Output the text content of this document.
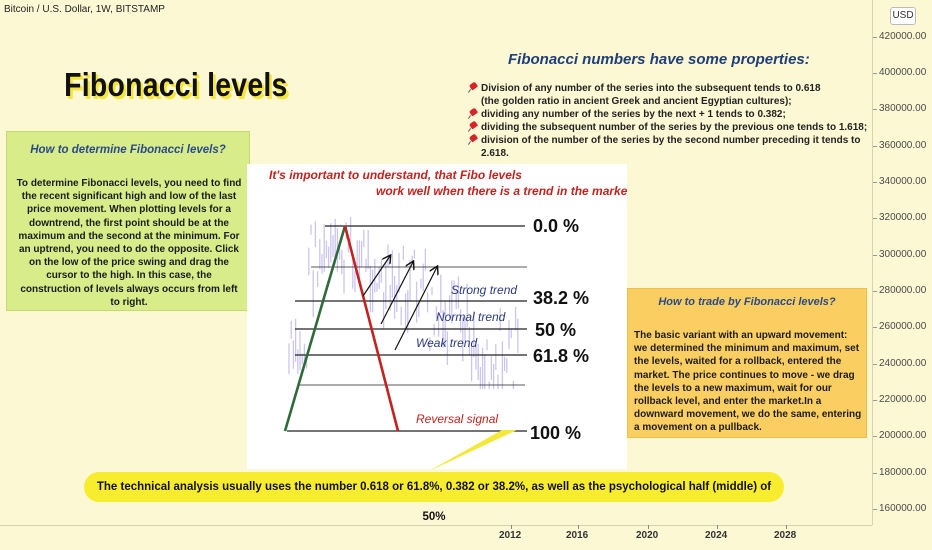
Bitcoin / U.S. Dollar, 1W, BITSTAMP
420000.00
400000.00
380000.00
360000.00
340000.00
320000.00
300000.00
280000.00
260000.00
240000.00
220000.00
200000.00
180000.00
160000.00
USD
2012	2016	2020	2024	2028
Fibonacci levels
How to determine Fibonacci levels?
To determine Fibonacci levels, you need to find the recent significant high and low of the last price movement. When plotting levels for a downtrend, the first point should be at the maximum and the second at the minimum. For an uptrend, you need to do the opposite. Click on the low of the price swing and drag the cursor to the high. In this case, the construction of levels always occurs from left to right.
Fibonacci numbers have some properties:
Division of any number of the series into the subsequent tends to 0.618
(the golden ratio in ancient Greek and ancient Egyptian cultures);
dividing any number of the series by the next + 1 tends to 0.382;
dividing the subsequent number of the series by the previous one tends to 1.618;
division of the number of the series by the second number preceding it tends to 2.618.
It's important to understand, that Fibo levels
work well when there is a trend in the market.
0.0 %
38.2 %
50 %
61.8 %
100 %
Strong trend
Normal trend
Weak trend
Reversal signal
How to trade by Fibonacci levels?
The basic variant with an upward movement: we determined the minimum and maximum, set the levels, waited for a rollback, entered the market. The price continues to move - we drag the levels to a new maximum, wait for our rollback level, and enter the market.In a downward movement, we do the same, entering a movement on a pullback.
The technical analysis usually uses the number 0.618 or 61.8%, 0.382 or 38.2%, as well as the psychological half (middle) of 50%
